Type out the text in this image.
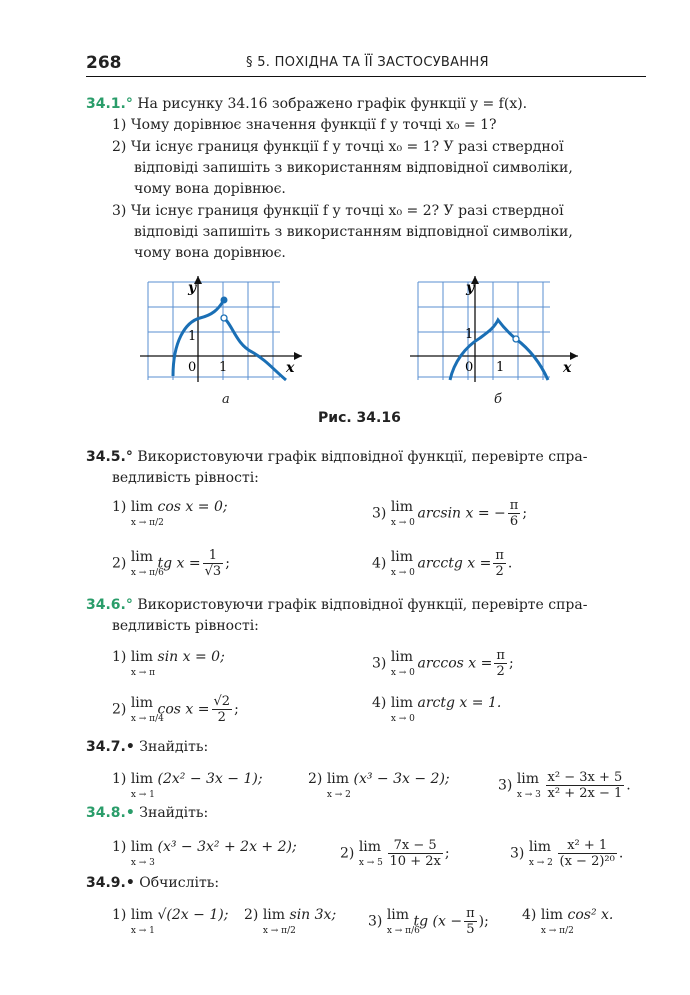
268	§ 5. ПОХІДНА ТА ЇЇ ЗАСТОСУВАННЯ
34.1.° На рисунку 34.16 зображено графік функції y = f(x).
1) Чому дорівнює значення функції f у точці x₀ = 1?
2) Чи існує границя функції f у точці x₀ = 1? У разі ствердної
відповіді запишіть з використанням відповідної символіки,
чому вона дорівнює.
3) Чи існує границя функції f у точці x₀ = 2? У разі ствердної
відповіді запишіть з використанням відповідної символіки,
чому вона дорівнює.
y
x
0 1
1
а
y
x
0 1
1
б
Рис. 34.16
34.5.° Використовуючи графік відповідної функції, перевірте спра-
ведливість рівності:
1) lim
x → π/2
cos x = 0;	3) lim
x → 0
arcsin x = − $\frac{\pi}{6}$ ;
2) lim
x → π/6
tg $x = \frac{1}{√3}$ ;	4) lim
x → 0
arcctg $x = \frac{\pi}{2}$ .
34.6.° Використовуючи графік відповідної функції, перевірте спра-
ведливість рівності:
1) lim
x → π
sin x = 0;	3) lim
x → 0
$\arccos x = \frac{\pi}{2}$ ;
2) lim
x → π/4
$\cos x = \frac{√2}{2}$ ;	4) lim
x → 0
arctg x = 1.
34.7.• Знайдіть:
1) lim
x → 1
(2x² − 3x − 1);	2) lim
x → 2
(x³ − 3x − 2);	3) lim
x → 3
$\frac{\text{x² − 3x + 5}}{\text{x² + 2x − 1}}$ .
34.8.• Знайдіть:
1) lim
x → 3
(x³ − 3x² + 2x + 2);	2) lim
x → 5
$\frac{7x - 5}{10 + 2x}$ ;	3) lim
x → 2
$\frac{\text{x² + 1}}{\text{(x − 2)²⁰}}$ .
34.9.• Обчисліть:
1) lim
x → 1
√(2x − 1); 2) lim
x → π/2
sin 3x; 3) lim
x → π/6
tg ($x - \frac{\pi}{5}$ ); 4) lim
x → π/2
cos² x.
